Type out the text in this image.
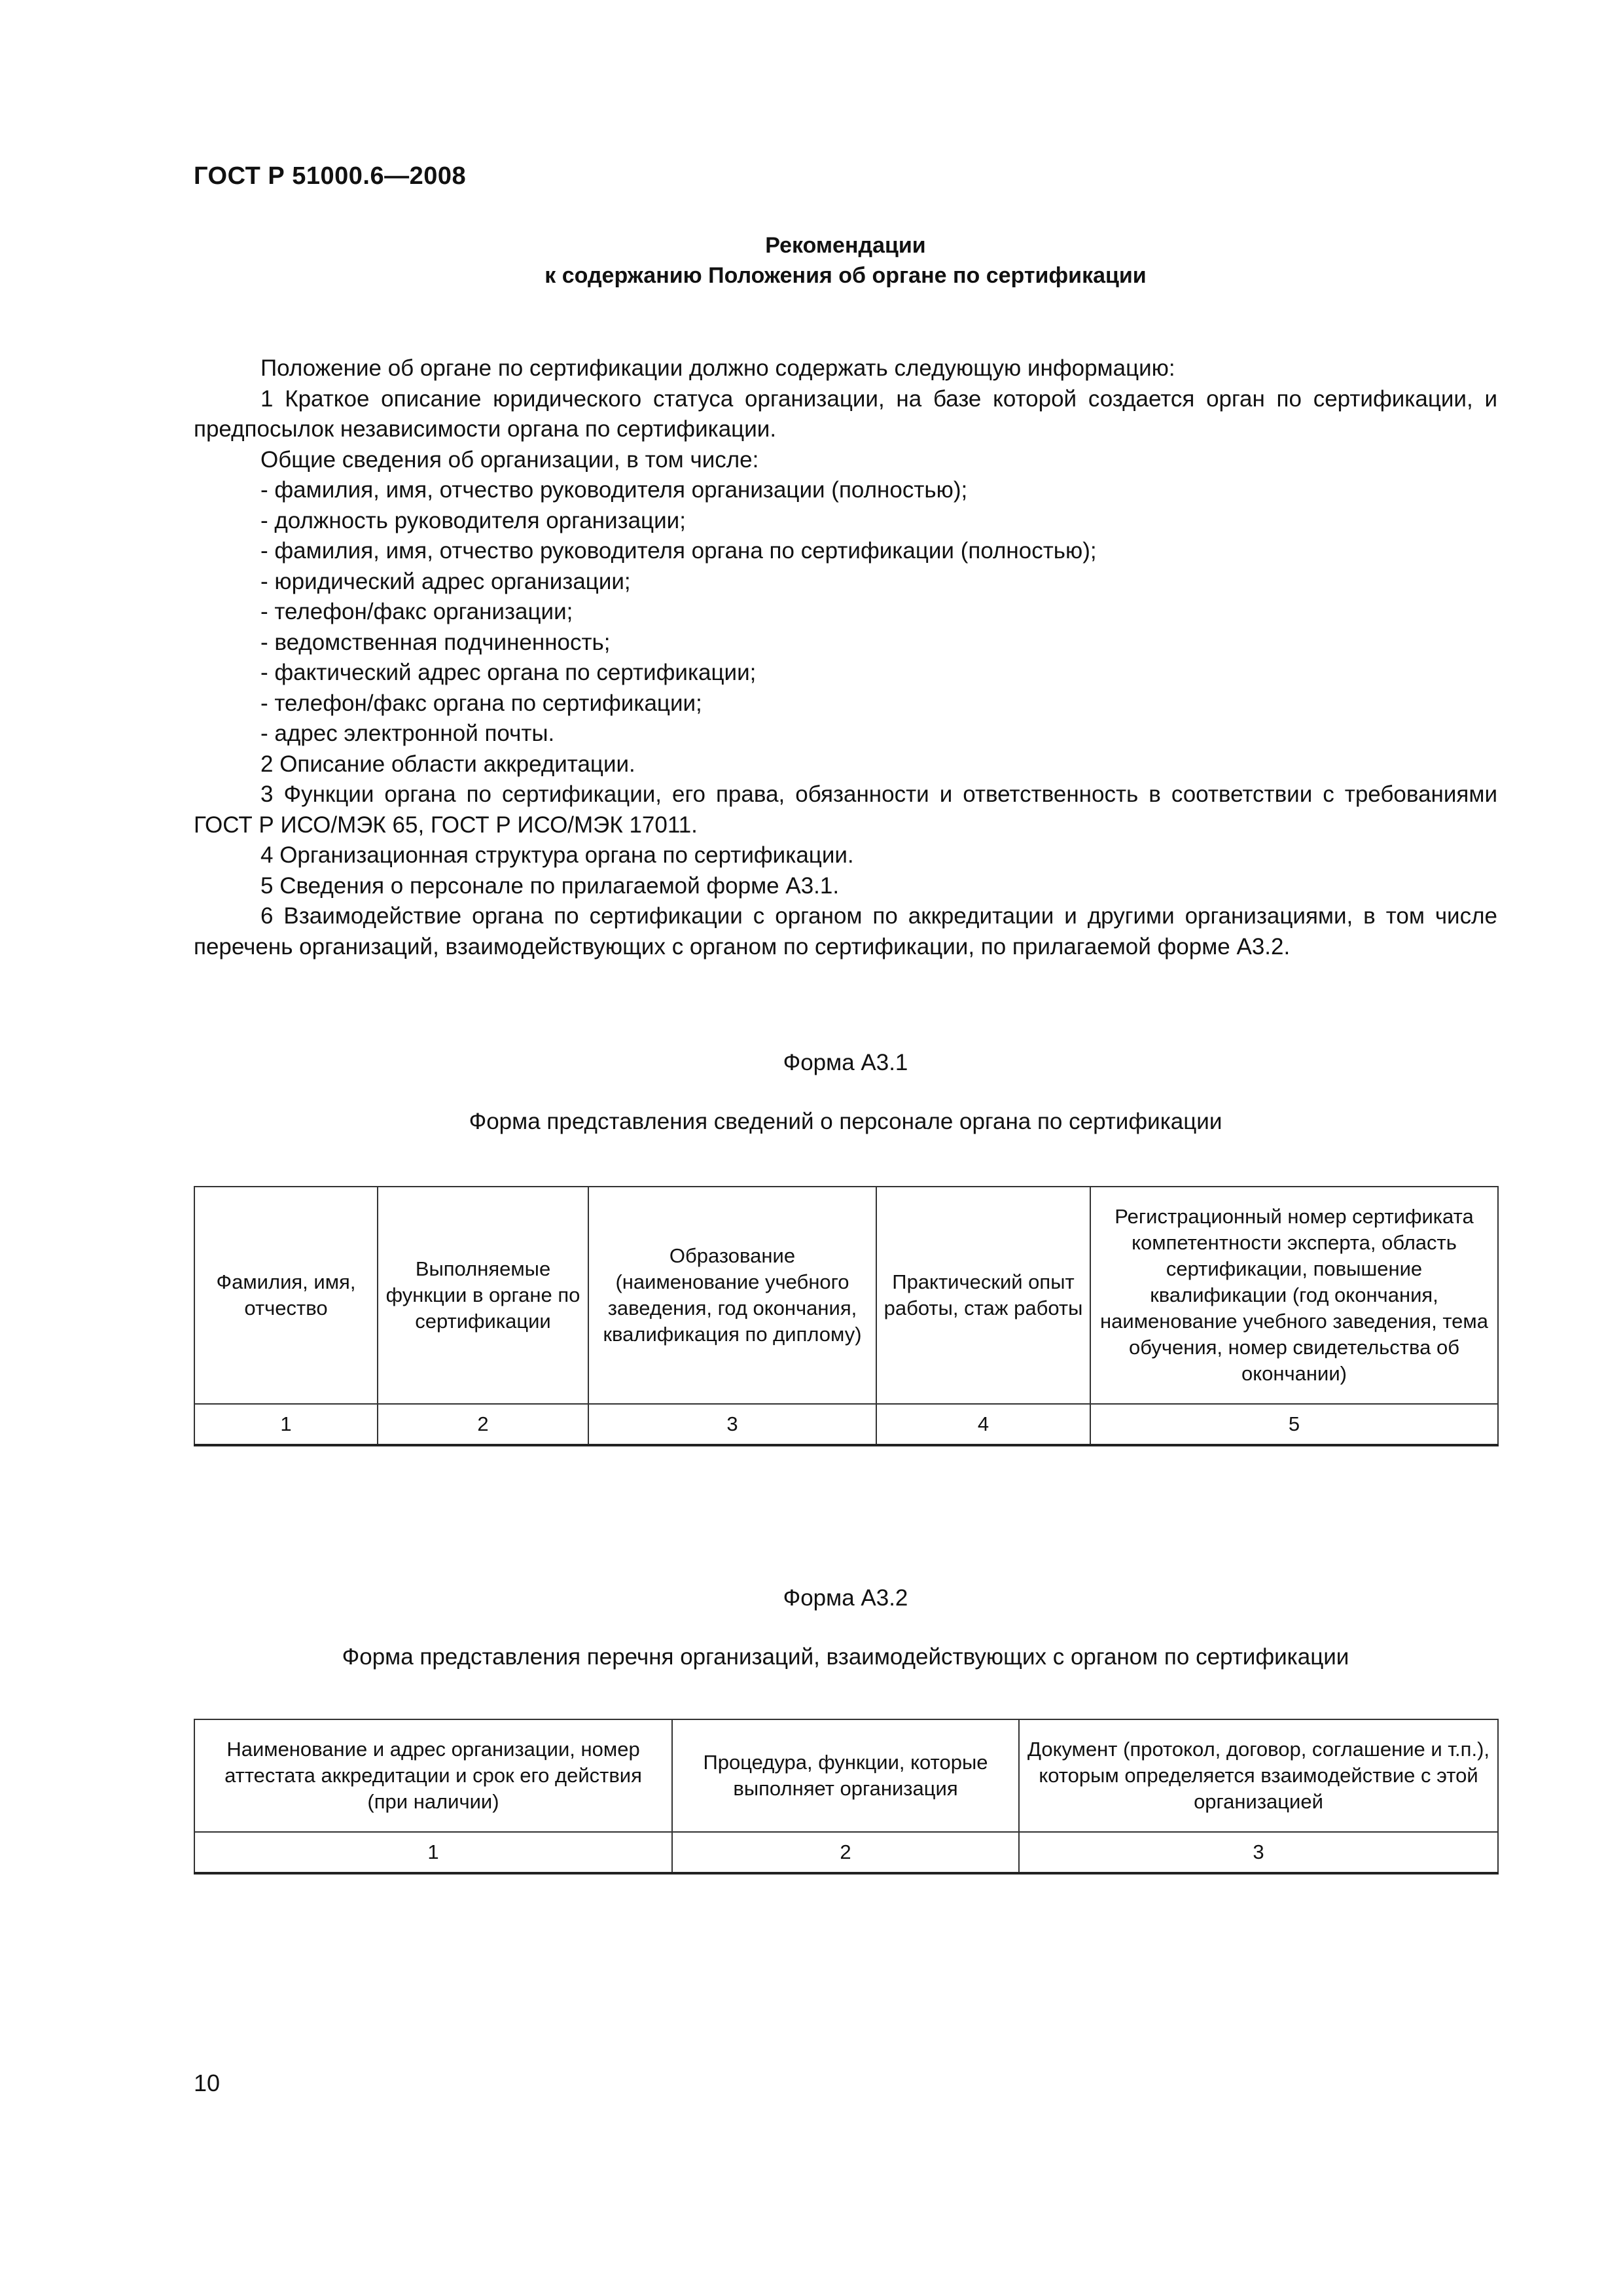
ГОСТ Р 51000.6—2008
Рекомендации
к содержанию Положения об органе по сертификации

Положение об органе по сертификации должно содержать следующую информацию:

1 Краткое описание юридического статуса организации, на базе которой создается орган по сертификации, и предпосылок независимости органа по сертификации.

Общие сведения об организации, в том числе:

- фамилия, имя, отчество руководителя организации (полностью);

- должность руководителя организации;

- фамилия, имя, отчество руководителя органа по сертификации (полностью);

- юридический адрес организации;

- телефон/факс организации;

- ведомственная подчиненность;

- фактический адрес органа по сертификации;

- телефон/факс органа по сертификации;

- адрес электронной почты.

2 Описание области аккредитации.

3 Функции органа по сертификации, его права, обязанности и ответственность в соответствии с требованиями ГОСТ Р ИСО/МЭК 65, ГОСТ Р ИСО/МЭК 17011.

4 Организационная структура органа по сертификации.

5 Сведения о персонале по прилагаемой форме А3.1.

6 Взаимодействие органа по сертификации с органом по аккредитации и другими организациями, в том числе перечень организаций, взаимодействующих с органом по сертификации, по прилагаемой форме А3.2.

Форма А3.1
Форма представления сведений о персонале органа по сертификации
Фамилия, имя, отчество	Выполняемые функции в органе по сертификации	Образование (наименование учебного заведения, год окончания, квалификация по диплому)	Практический опыт работы, стаж работы	Регистрационный номер сертификата компетентности эксперта, область сертификации, повышение квалификации (год окончания, наименование учебного заведения, тема обучения, номер свидетельства об окончании)
1	2	3	4	5
Форма А3.2
Форма представления перечня организаций, взаимодействующих с органом по сертификации
Наименование и адрес организации, номер аттестата аккредитации и срок его действия (при наличии)	Процедура, функции, которые выполняет организация	Документ (протокол, договор, соглашение и т.п.), которым определяется взаимодействие с этой организацией
1	2	3
10
